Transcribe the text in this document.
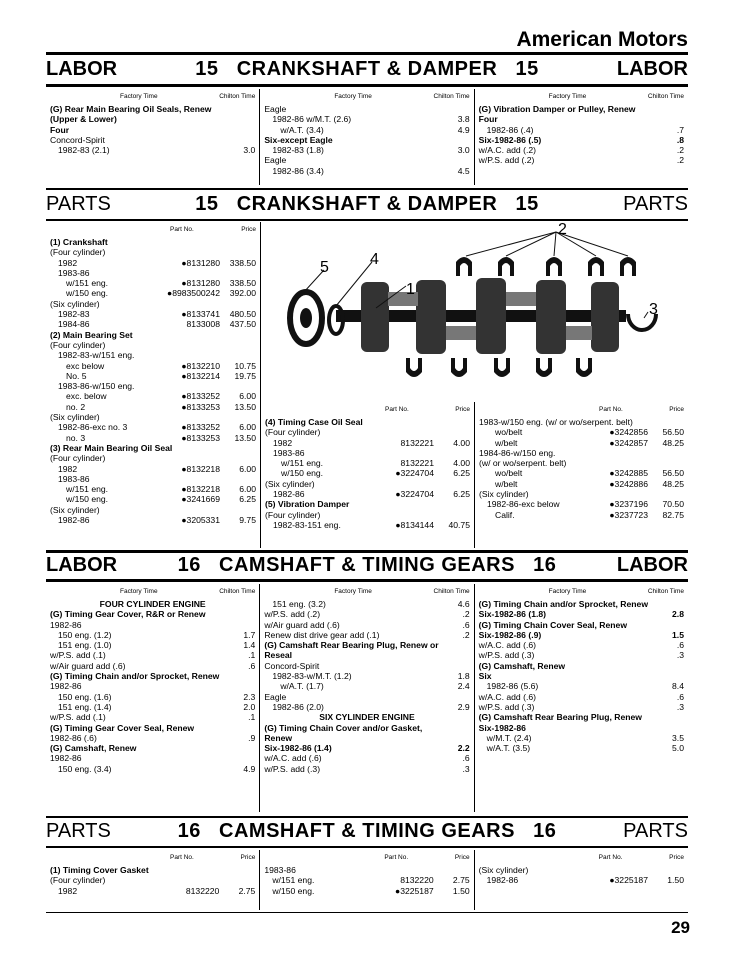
American Motors
LABOR	15 CRANKSHAFT & DAMPER 15	LABOR
Factory Time	Chilton Time
(G) Rear Main Bearing Oil Seals, Renew
(Upper & Lower)
Four
Concord-Spirit
1982-83 (2.1)	3.0
Factory Time	Chilton Time
Eagle
1982-86 w/M.T. (2.6)	3.8
w/A.T. (3.4)	4.9
Six-except Eagle
1982-83 (1.8)	3.0
Eagle
1982-86 (3.4)	4.5
Factory Time	Chilton Time
(G) Vibration Damper or Pulley, Renew
Four
1982-86 (.4)	.7
Six-1982-86 (.5)	.8
w/A.C. add (.2)	.2
w/P.S. add (.2)	.2
PARTS	15 CRANKSHAFT & DAMPER 15	PARTS
Part No.	Price
(1) Crankshaft
(Four cylinder)
1982	●8131280	338.50
1983-86
w/151 eng.	●8131280	338.50
w/150 eng.	●8983500242	392.00
(Six cylinder)
1982-83	●8133741	480.50
1984-86	8133008	437.50
(2) Main Bearing Set
(Four cylinder)
1982-83-w/151 eng.
exc below	●8132210	10.75
No. 5	●8132214	19.75
1983-86-w/150 eng.
exc. below	●8133252	6.00
no. 2	●8133253	13.50
(Six cylinder)
1982-86-exc no. 3	●8133252	6.00
no. 3	●8133253	13.50
(3) Rear Main Bearing Oil Seal
(Four cylinder)
1982	●8132218	6.00
1983-86
w/151 eng.	●8132218	6.00
w/150 eng.	●3241669	6.25
(Six cylinder)
1982-86	●3205331	9.75
Part No.	Price
(4) Timing Case Oil Seal
(Four cylinder)
1982	8132221	4.00
1983-86
w/151 eng.	8132221	4.00
w/150 eng.	●3224704	6.25
(Six cylinder)
1982-86	●3224704	6.25
(5) Vibration Damper
(Four cylinder)
1982-83-151 eng.	●8134144	40.75
Part No.	Price
1983-w/150 eng. (w/ or wo/serpent. belt)
wo/belt	●3242856	56.50
w/belt	●3242857	48.25
1984-86-w/150 eng.
(w/ or wo/serpent. belt)
wo/belt	●3242885	56.50
w/belt	●3242886	48.25
(Six cylinder)
1982-86-exc below	●3237196	70.50
Calif.	●3237723	82.75
1
2
3
4
5
LABOR	16 CAMSHAFT & TIMING GEARS 16	LABOR
Factory Time	Chilton Time
FOUR CYLINDER ENGINE
(G) Timing Gear Cover, R&R or Renew
1982-86
150 eng. (1.2)	1.7
151 eng. (1.0)	1.4
w/P.S. add (.1)	.1
w/Air guard add (.6)	.6
(G) Timing Chain and/or Sprocket, Renew
1982-86
150 eng. (1.6)	2.3
151 eng. (1.4)	2.0
w/P.S. add (.1)	.1
(G) Timing Gear Cover Seal, Renew
1982-86 (.6)	.9
(G) Camshaft, Renew
1982-86
150 eng. (3.4)	4.9
Factory Time	Chilton Time
151 eng. (3.2)	4.6
w/P.S. add (.2)	.2
w/Air guard add (.6)	.6
Renew dist drive gear add (.1)	.2
(G) Camshaft Rear Bearing Plug, Renew or
Reseal
Concord-Spirit
1982-83-w/M.T. (1.2)	1.8
w/A.T. (1.7)	2.4
Eagle
1982-86 (2.0)	2.9
SIX CYLINDER ENGINE
(G) Timing Chain Cover and/or Gasket,
Renew
Six-1982-86 (1.4)	2.2
w/A.C. add (.6)	.6
w/P.S. add (.3)	.3
Factory Time	Chilton Time
(G) Timing Chain and/or Sprocket, Renew
Six-1982-86 (1.8)	2.8
(G) Timing Chain Cover Seal, Renew
Six-1982-86 (.9)	1.5
w/A.C. add (.6)	.6
w/P.S. add (.3)	.3
(G) Camshaft, Renew
Six
1982-86 (5.6)	8.4
w/A.C. add (.6)	.6
w/P.S. add (.3)	.3
(G) Camshaft Rear Bearing Plug, Renew
Six-1982-86
w/M.T. (2.4)	3.5
w/A.T. (3.5)	5.0
PARTS	16 CAMSHAFT & TIMING GEARS 16	PARTS
Part No.	Price
(1) Timing Cover Gasket
(Four cylinder)
1982	8132220	2.75
Part No.	Price
1983-86
w/151 eng.	8132220	2.75
w/150 eng.	●3225187	1.50
Part No.	Price
(Six cylinder)
1982-86	●3225187	1.50
29
